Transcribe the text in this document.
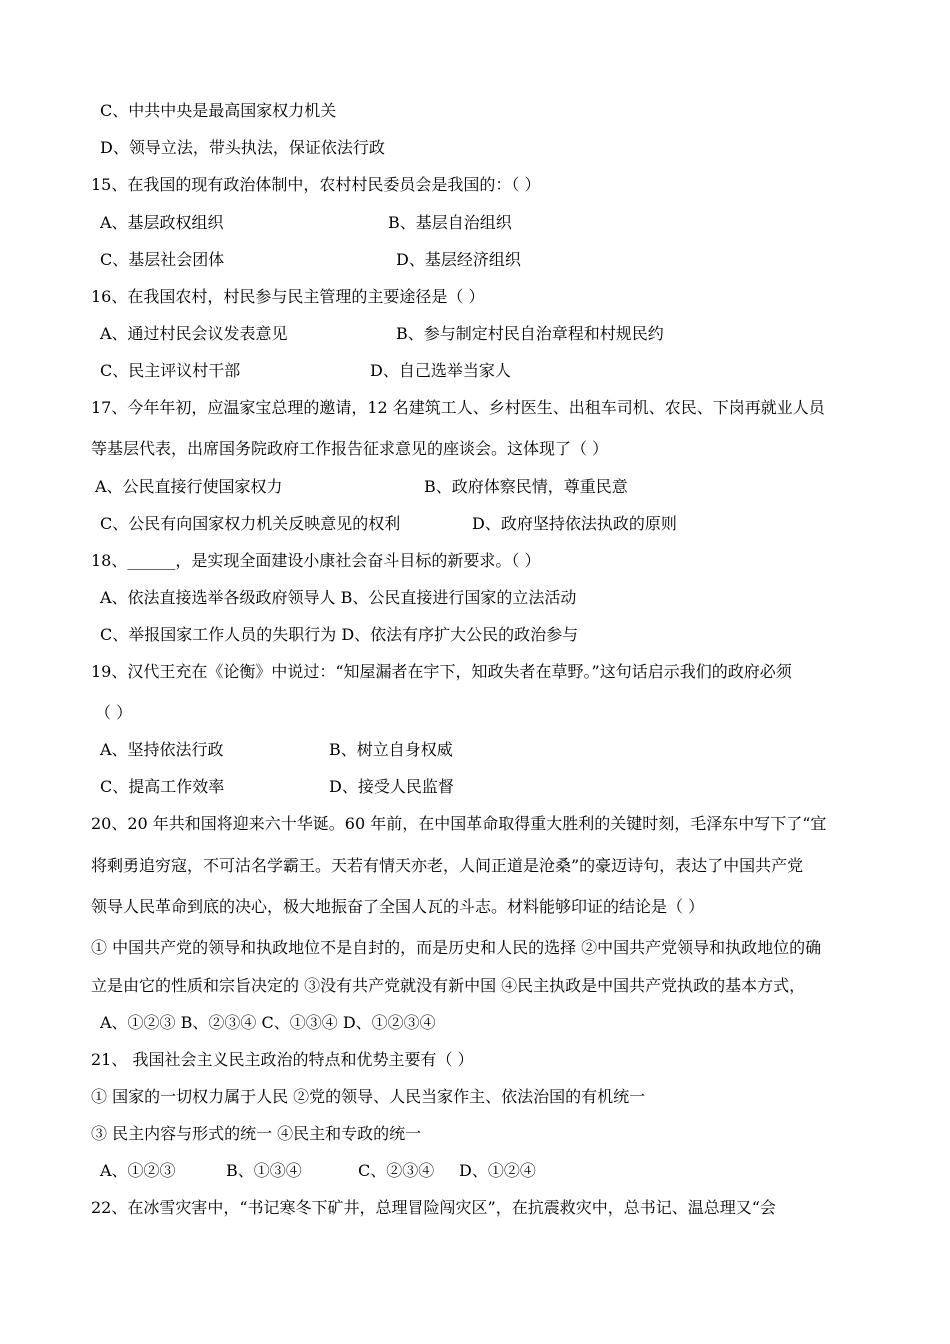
C、中共中央是最高国家权力机关
D、领导立法，带头执法，保证依法行政
15、在我国的现有政治体制中，农村村民委员会是我国的：（ ）
A、基层政权组织	B、基层自治组织
C、基层社会团体	D、基层经济组织
16、在我国农村，村民参与民主管理的主要途径是（ ）
A、通过村民会议发表意见	B、参与制定村民自治章程和村规民约
C、民主评议村干部	D、自己选举当家人
17、今年年初，应温家宝总理的邀请，12 名建筑工人、乡村医生、出租车司机、农民、下岗再就业人员
等基层代表，出席国务院政府工作报告征求意见的座谈会。这体现了（ ）
A、公民直接行使国家权力	B、政府体察民情，尊重民意
C、公民有向国家权力机关反映意见的权利	D、政府坚持依法执政的原则
18、______，是实现全面建设小康社会奋斗目标的新要求。（ ）
A、依法直接选举各级政府领导人 B、公民直接进行国家的立法活动
C、举报国家工作人员的失职行为 D、依法有序扩大公民的政治参与
19、汉代王充在《论衡》中说过：“知屋漏者在宇下，知政失者在草野。”这句话启示我们的政府必须
（ ）
A、坚持依法行政	B、树立自身权威
C、提高工作效率	D、接受人民监督
20、20 年共和国将迎来六十华诞。60 年前，在中国革命取得重大胜利的关键时刻，毛泽东中写下了“宜
将剩勇追穷寇，不可沽名学霸王。天若有情天亦老，人间正道是沧桑”的豪迈诗句，表达了中国共产党
领导人民革命到底的决心，极大地振奋了全国人瓦的斗志。材料能够印证的结论是（ ）
① 中国共产党的领导和执政地位不是自封的，而是历史和人民的选择 ②中国共产党领导和执政地位的确
立是由它的性质和宗旨决定的 ③没有共产党就没有新中国 ④民主执政是中国共产党执政的基本方式，
A、①②③ B、②③④ C、①③④ D、①②③④
21、 我国社会主义民主政治的特点和优势主要有（ ）
① 国家的一切权力属于人民 ②党的领导、人民当家作主、依法治国的有机统一
③ 民主内容与形式的统一 ④民主和专政的统一
A、①②③	B、①③④	C、②③④ D、①②④
22、在冰雪灾害中，“书记寒冬下矿井，总理冒险闯灾区”，在抗震救灾中，总书记、温总理又“会
